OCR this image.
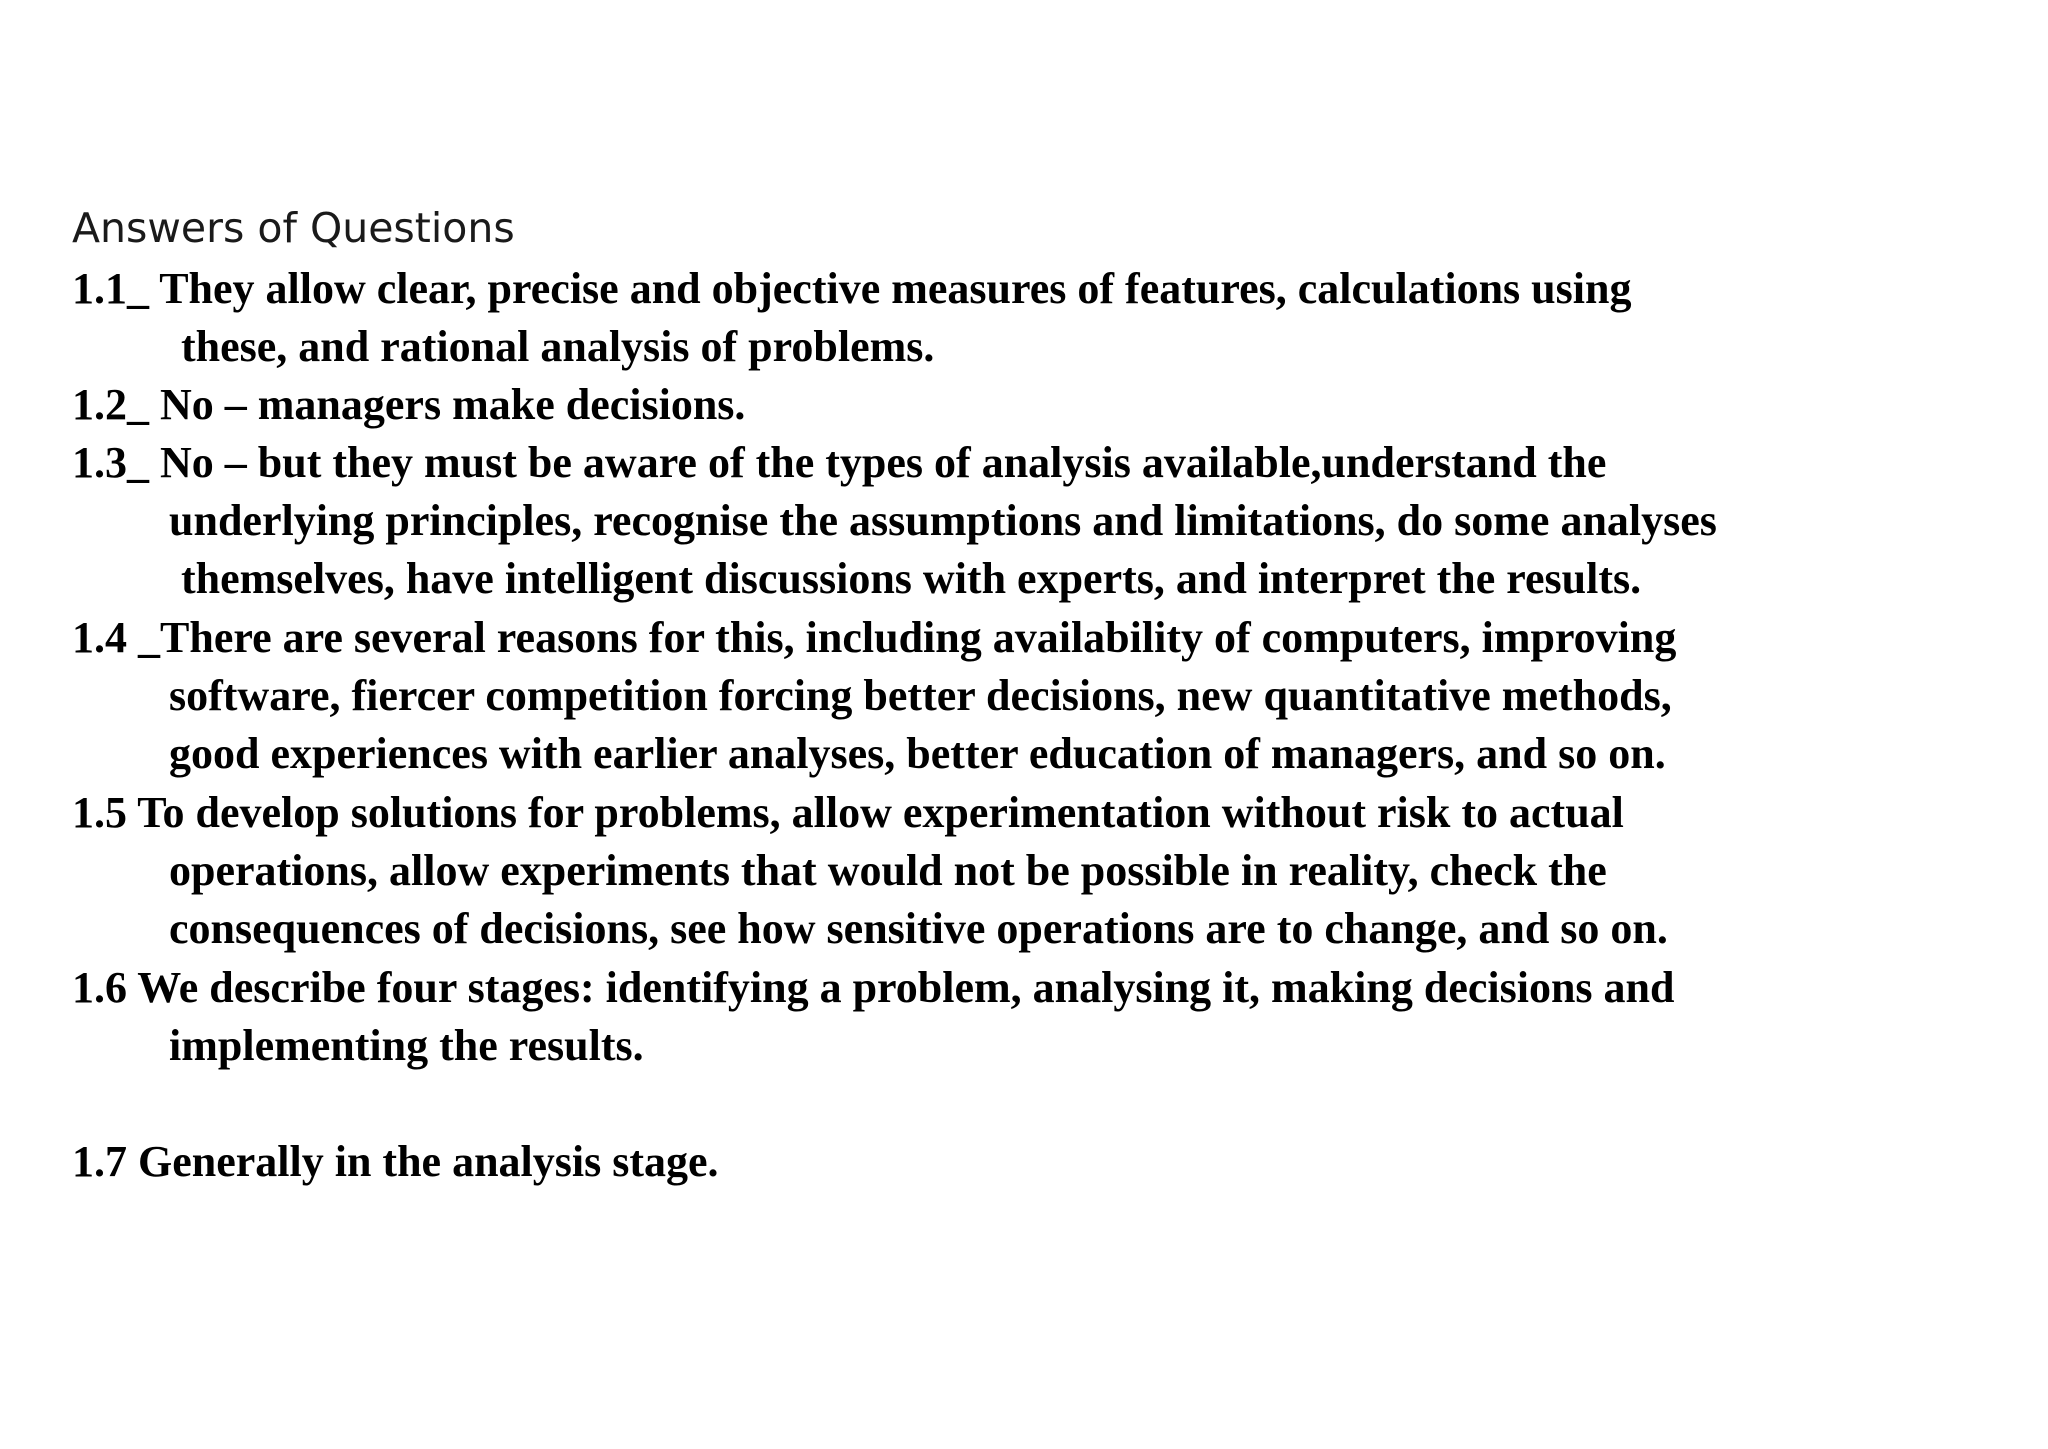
Answers of Questions
1.1_ They allow clear, precise and objective measures of features, calculations using
these, and rational analysis of problems.
1.2_ No – managers make decisions.
1.3_ No – but they must be aware of the types of analysis available,understand the
underlying principles, recognise the assumptions and limitations, do some analyses
themselves, have intelligent discussions with experts, and interpret the results.
1.4 _There are several reasons for this, including availability of computers, improving
software, fiercer competition forcing better decisions, new quantitative methods,
good experiences with earlier analyses, better education of managers, and so on.
1.5 To develop solutions for problems, allow experimentation without risk to actual
operations, allow experiments that would not be possible in reality, check the
consequences of decisions, see how sensitive operations are to change, and so on.
1.6 We describe four stages: identifying a problem, analysing it, making decisions and
implementing the results.
1.7 Generally in the analysis stage.
